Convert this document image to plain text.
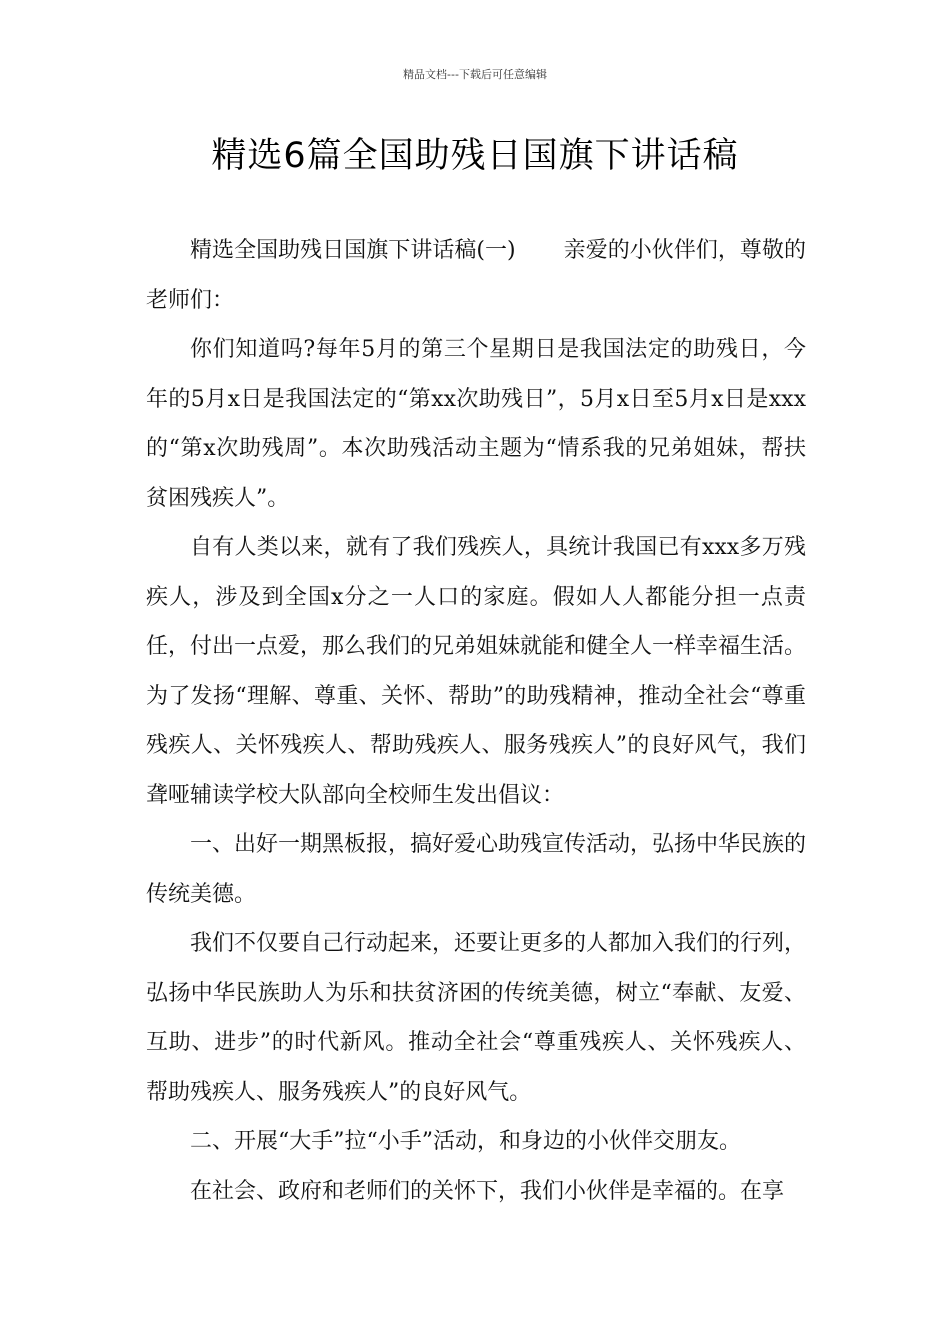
精品文档---下载后可任意编辑
精选6篇全国助残日国旗下讲话稿

精选全国助残日国旗下讲话稿(一) 亲爱的小伙伴们，尊敬的老师们：

你们知道吗?每年5月的第三个星期日是我国法定的助残日，今年的5月x日是我国法定的“第xx次助残日”，5月x日至5月x日是xxx的“第x次助残周”。本次助残活动主题为“情系我的兄弟姐妹，帮扶贫困残疾人”。

自有人类以来，就有了我们残疾人，具统计我国已有xxx多万残疾人，涉及到全国x分之一人口的家庭。假如人人都能分担一点责任，付出一点爱，那么我们的兄弟姐妹就能和健全人一样幸福生活。为了发扬“理解、尊重、关怀、帮助”的助残精神，推动全社会“尊重残疾人、关怀残疾人、帮助残疾人、服务残疾人”的良好风气，我们聋哑辅读学校大队部向全校师生发出倡议：

一、出好一期黑板报，搞好爱心助残宣传活动，弘扬中华民族的传统美德。

我们不仅要自己行动起来，还要让更多的人都加入我们的行列，弘扬中华民族助人为乐和扶贫济困的传统美德，树立“奉献、友爱、互助、进步”的时代新风。推动全社会“尊重残疾人、关怀残疾人、帮助残疾人、服务残疾人”的良好风气。

二、开展“大手”拉“小手”活动，和身边的小伙伴交朋友。

在社会、政府和老师们的关怀下，我们小伙伴是幸福的。在享
